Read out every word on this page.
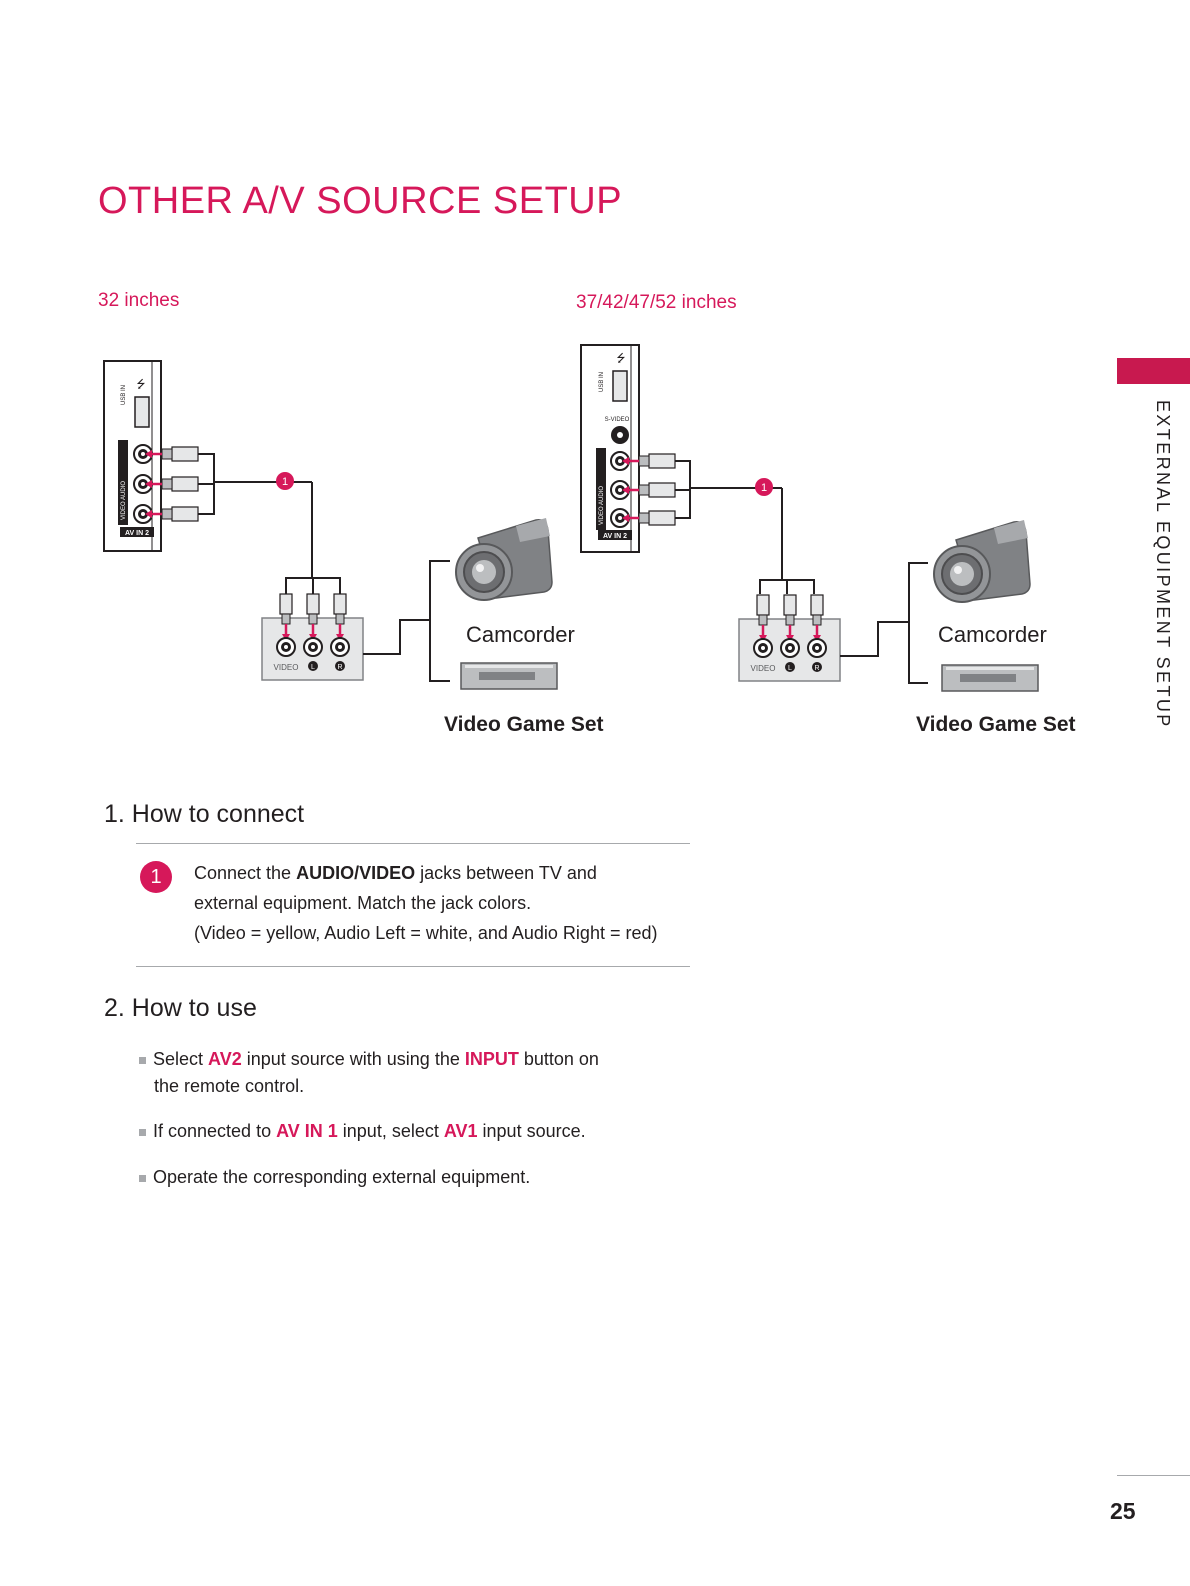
OTHER A/V SOURCE SETUP
EXTERNAL EQUIPMENT SETUP
32 inches	37/42/47/52 inches
USB IN
⭍
VIDEO AUDIO
AV IN 2
1
VIDEO L	R
USB IN
⭍
S-VIDEO
VIDEO AUDIO
AV IN 2
1
VIDEO L	R
Camcorder
Video Game Set
Camcorder
Video Game Set
1. How to connect
1	Connect the AUDIO/VIDEO jacks between TV and
external equipment. Match the jack colors.
(Video = yellow, Audio Left = white, and Audio Right = red)
2. How to use
Select AV2 input source with using the INPUT button on
the remote control.
If connected to AV IN 1 input, select AV1 input source.
Operate the corresponding external equipment.
25
